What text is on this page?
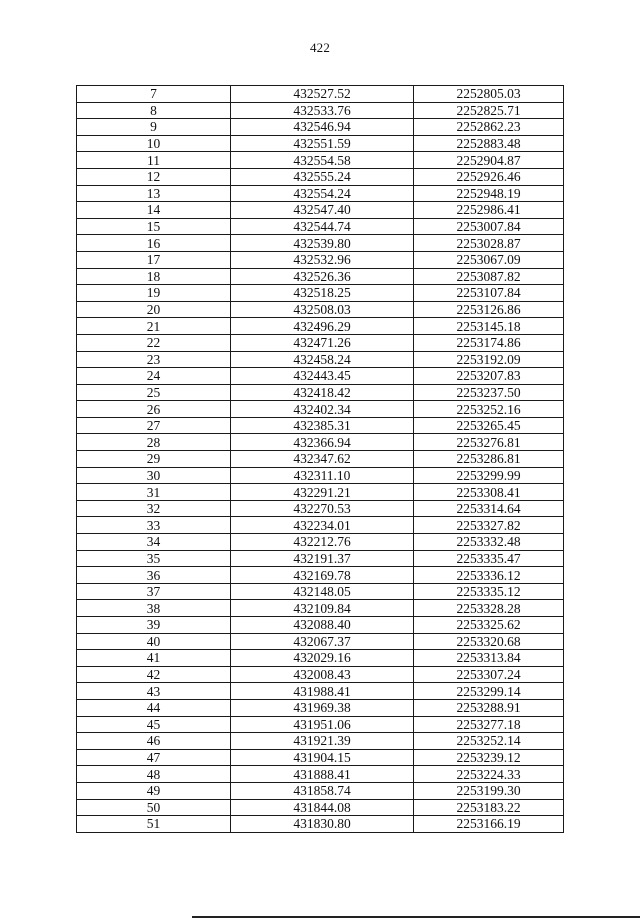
422
7	432527.52	2252805.03
8	432533.76	2252825.71
9	432546.94	2252862.23
10	432551.59	2252883.48
11	432554.58	2252904.87
12	432555.24	2252926.46
13	432554.24	2252948.19
14	432547.40	2252986.41
15	432544.74	2253007.84
16	432539.80	2253028.87
17	432532.96	2253067.09
18	432526.36	2253087.82
19	432518.25	2253107.84
20	432508.03	2253126.86
21	432496.29	2253145.18
22	432471.26	2253174.86
23	432458.24	2253192.09
24	432443.45	2253207.83
25	432418.42	2253237.50
26	432402.34	2253252.16
27	432385.31	2253265.45
28	432366.94	2253276.81
29	432347.62	2253286.81
30	432311.10	2253299.99
31	432291.21	2253308.41
32	432270.53	2253314.64
33	432234.01	2253327.82
34	432212.76	2253332.48
35	432191.37	2253335.47
36	432169.78	2253336.12
37	432148.05	2253335.12
38	432109.84	2253328.28
39	432088.40	2253325.62
40	432067.37	2253320.68
41	432029.16	2253313.84
42	432008.43	2253307.24
43	431988.41	2253299.14
44	431969.38	2253288.91
45	431951.06	2253277.18
46	431921.39	2253252.14
47	431904.15	2253239.12
48	431888.41	2253224.33
49	431858.74	2253199.30
50	431844.08	2253183.22
51	431830.80	2253166.19
